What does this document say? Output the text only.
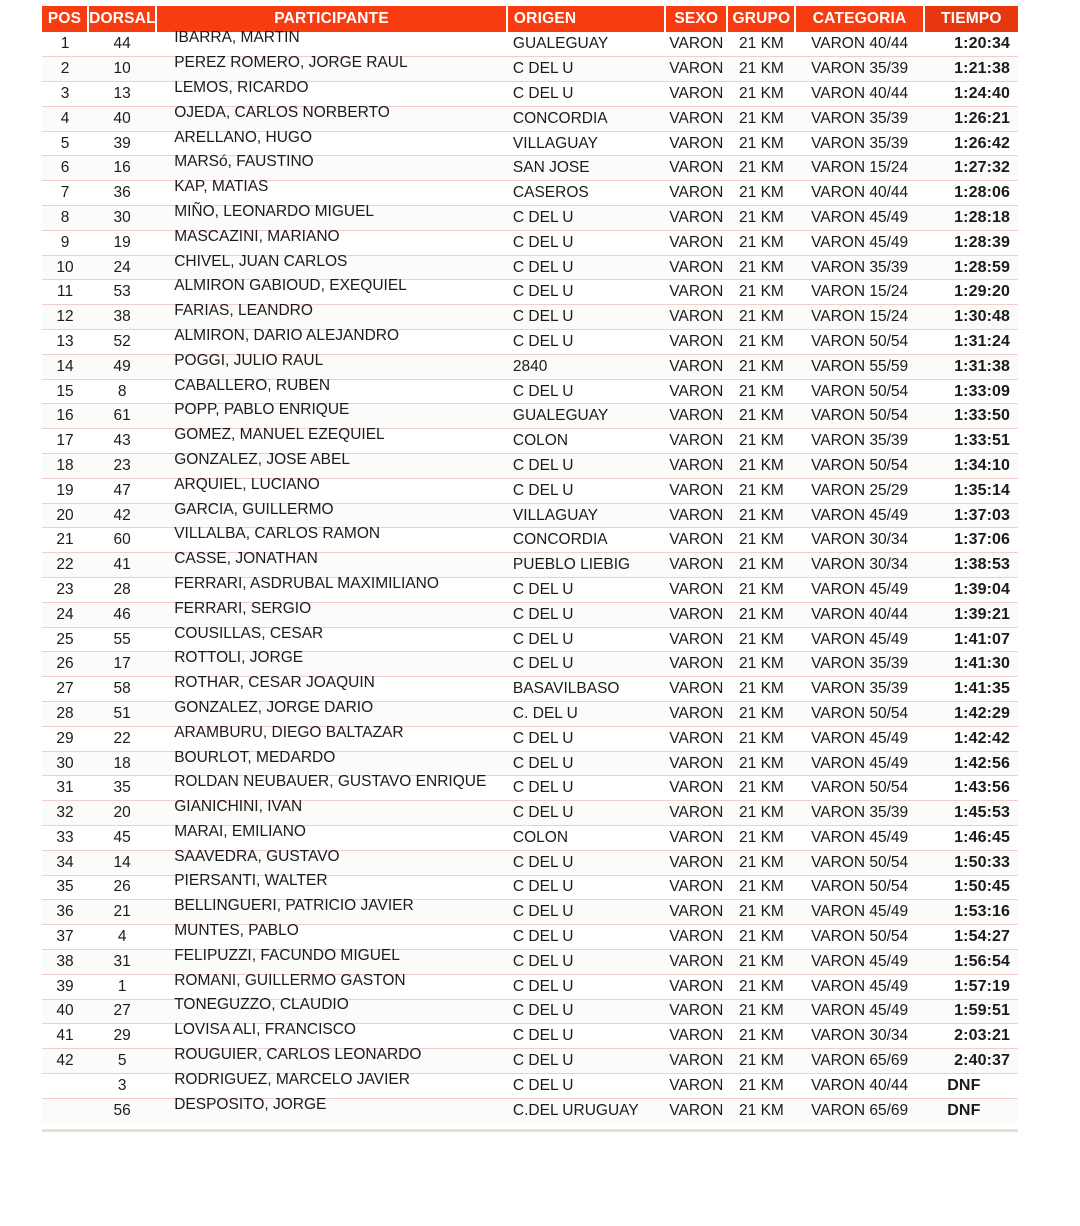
POS	DORSAL	PARTICIPANTE	ORIGEN	SEXO	GRUPO	CATEGORIA	TIEMPO
1	44	IBARRA, MARTIN	GUALEGUAY	VARON	21 KM	VARON 40/44	1:20:34
2	10	PEREZ ROMERO, JORGE RAUL	C DEL U	VARON	21 KM	VARON 35/39	1:21:38
3	13	LEMOS, RICARDO	C DEL U	VARON	21 KM	VARON 40/44	1:24:40
4	40	OJEDA, CARLOS NORBERTO	CONCORDIA	VARON	21 KM	VARON 35/39	1:26:21
5	39	ARELLANO, HUGO	VILLAGUAY	VARON	21 KM	VARON 35/39	1:26:42
6	16	MARSó, FAUSTINO	SAN JOSE	VARON	21 KM	VARON 15/24	1:27:32
7	36	KAP, MATIAS	CASEROS	VARON	21 KM	VARON 40/44	1:28:06
8	30	MIÑO, LEONARDO MIGUEL	C DEL U	VARON	21 KM	VARON 45/49	1:28:18
9	19	MASCAZINI, MARIANO	C DEL U	VARON	21 KM	VARON 45/49	1:28:39
10	24	CHIVEL, JUAN CARLOS	C DEL U	VARON	21 KM	VARON 35/39	1:28:59
11	53	ALMIRON GABIOUD, EXEQUIEL	C DEL U	VARON	21 KM	VARON 15/24	1:29:20
12	38	FARIAS, LEANDRO	C DEL U	VARON	21 KM	VARON 15/24	1:30:48
13	52	ALMIRON, DARIO ALEJANDRO	C DEL U	VARON	21 KM	VARON 50/54	1:31:24
14	49	POGGI, JULIO RAUL	2840	VARON	21 KM	VARON 55/59	1:31:38
15	8	CABALLERO, RUBEN	C DEL U	VARON	21 KM	VARON 50/54	1:33:09
16	61	POPP, PABLO ENRIQUE	GUALEGUAY	VARON	21 KM	VARON 50/54	1:33:50
17	43	GOMEZ, MANUEL EZEQUIEL	COLON	VARON	21 KM	VARON 35/39	1:33:51
18	23	GONZALEZ, JOSE ABEL	C DEL U	VARON	21 KM	VARON 50/54	1:34:10
19	47	ARQUIEL, LUCIANO	C DEL U	VARON	21 KM	VARON 25/29	1:35:14
20	42	GARCIA, GUILLERMO	VILLAGUAY	VARON	21 KM	VARON 45/49	1:37:03
21	60	VILLALBA, CARLOS RAMON	CONCORDIA	VARON	21 KM	VARON 30/34	1:37:06
22	41	CASSE, JONATHAN	PUEBLO LIEBIG	VARON	21 KM	VARON 30/34	1:38:53
23	28	FERRARI, ASDRUBAL MAXIMILIANO	C DEL U	VARON	21 KM	VARON 45/49	1:39:04
24	46	FERRARI, SERGIO	C DEL U	VARON	21 KM	VARON 40/44	1:39:21
25	55	COUSILLAS, CESAR	C DEL U	VARON	21 KM	VARON 45/49	1:41:07
26	17	ROTTOLI, JORGE	C DEL U	VARON	21 KM	VARON 35/39	1:41:30
27	58	ROTHAR, CESAR JOAQUIN	BASAVILBASO	VARON	21 KM	VARON 35/39	1:41:35
28	51	GONZALEZ, JORGE DARIO	C. DEL U	VARON	21 KM	VARON 50/54	1:42:29
29	22	ARAMBURU, DIEGO BALTAZAR	C DEL U	VARON	21 KM	VARON 45/49	1:42:42
30	18	BOURLOT, MEDARDO	C DEL U	VARON	21 KM	VARON 45/49	1:42:56
31	35	ROLDAN NEUBAUER, GUSTAVO ENRIQUE	C DEL U	VARON	21 KM	VARON 50/54	1:43:56
32	20	GIANICHINI, IVAN	C DEL U	VARON	21 KM	VARON 35/39	1:45:53
33	45	MARAI, EMILIANO	COLON	VARON	21 KM	VARON 45/49	1:46:45
34	14	SAAVEDRA, GUSTAVO	C DEL U	VARON	21 KM	VARON 50/54	1:50:33
35	26	PIERSANTI, WALTER	C DEL U	VARON	21 KM	VARON 50/54	1:50:45
36	21	BELLINGUERI, PATRICIO JAVIER	C DEL U	VARON	21 KM	VARON 45/49	1:53:16
37	4	MUNTES, PABLO	C DEL U	VARON	21 KM	VARON 50/54	1:54:27
38	31	FELIPUZZI, FACUNDO MIGUEL	C DEL U	VARON	21 KM	VARON 45/49	1:56:54
39	1	ROMANI, GUILLERMO GASTON	C DEL U	VARON	21 KM	VARON 45/49	1:57:19
40	27	TONEGUZZO, CLAUDIO	C DEL U	VARON	21 KM	VARON 45/49	1:59:51
41	29	LOVISA ALI, FRANCISCO	C DEL U	VARON	21 KM	VARON 30/34	2:03:21
42	5	ROUGUIER, CARLOS LEONARDO	C DEL U	VARON	21 KM	VARON 65/69	2:40:37
	3	RODRIGUEZ, MARCELO JAVIER	C DEL U	VARON	21 KM	VARON 40/44	DNF
	56	DESPOSITO, JORGE	C.DEL URUGUAY	VARON	21 KM	VARON 65/69	DNF
